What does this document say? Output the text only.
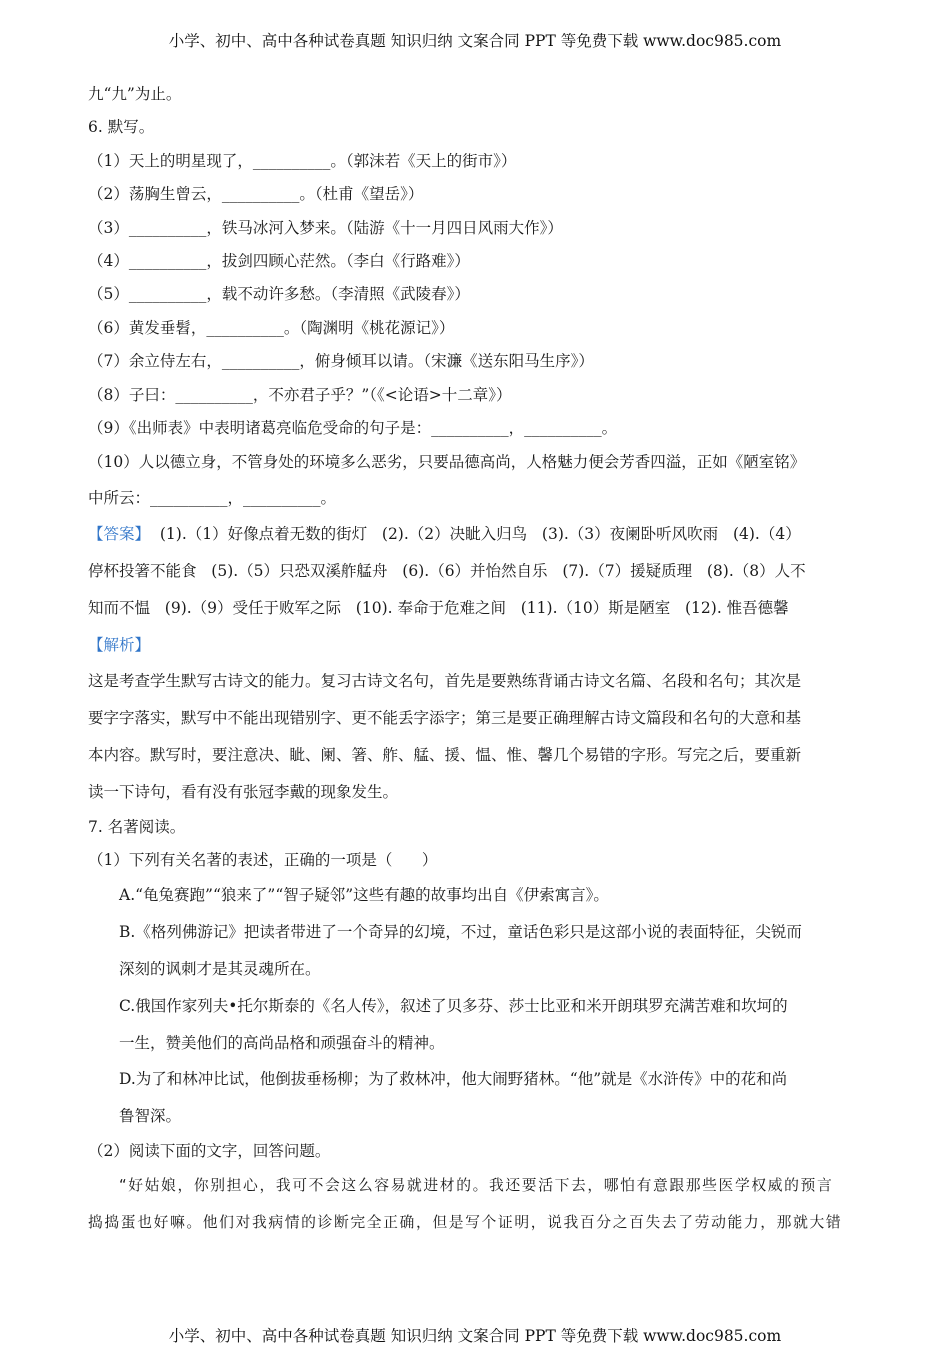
小学、初中、高中各种试卷真题 知识归纳 文案合同 PPT 等免费下载 www.doc985.com
九“九”为止。
6. 默写。
（1）天上的明星现了，__________。（郭沫若《天上的街市》）
（2）荡胸生曾云，__________。（杜甫《望岳》）
（3）__________，铁马冰河入梦来。（陆游《十一月四日风雨大作》）
（4）__________，拔剑四顾心茫然。（李白《行路难》）
（5）__________，载不动许多愁。（李清照《武陵春》）
（6）黄发垂髫，__________。（陶渊明《桃花源记》）
（7）余立侍左右，__________，俯身倾耳以请。（宋濂《送东阳马生序》）
（8）子曰：__________，不亦君子乎？”（《<论语>十二章》）
（9）《出师表》中表明诸葛亮临危受命的句子是：__________，__________。
（10）人以德立身，不管身处的环境多么恶劣，只要品德高尚，人格魅力便会芳香四溢，正如《陋室铭》
中所云：__________，__________。
【答案】  (1).（1）好像点着无数的街灯   (2).（2）决眦入归鸟   (3).（3）夜阑卧听风吹雨   (4).（4）
停杯投箸不能食   (5).（5）只恐双溪舴艋舟   (6).（6）并怡然自乐   (7).（7）援疑质理   (8).（8）人不
知而不愠   (9).（9）受任于败军之际   (10). 奉命于危难之间   (11).（10）斯是陋室   (12). 惟吾德馨
【解析】
这是考查学生默写古诗文的能力。复习古诗文名句，首先是要熟练背诵古诗文名篇、名段和名句；其次是
要字字落实，默写中不能出现错别字、更不能丢字添字；第三是要正确理解古诗文篇段和名句的大意和基
本内容。默写时，要注意决、眦、阑、箸、舴、艋、援、愠、惟、馨几个易错的字形。写完之后，要重新
读一下诗句，看有没有张冠李戴的现象发生。
7. 名著阅读。
（1）下列有关名著的表述，正确的一项是（      ）
A.“龟兔赛跑”“狼来了”“智子疑邻”这些有趣的故事均出自《伊索寓言》。
B.《格列佛游记》把读者带进了一个奇异的幻境，不过，童话色彩只是这部小说的表面特征，尖锐而
深刻的讽刺才是其灵魂所在。
C.俄国作家列夫•托尔斯泰的《名人传》，叙述了贝多芬、莎士比亚和米开朗琪罗充满苦难和坎坷的
一生，赞美他们的高尚品格和顽强奋斗的精神。
D.为了和林冲比试，他倒拔垂杨柳；为了救林冲，他大闹野猪林。“他”就是《水浒传》中的花和尚
鲁智深。
（2）阅读下面的文字，回答问题。
“好姑娘，你别担心，我可不会这么容易就进材的。我还要活下去，哪怕有意跟那些医学权威的预言
捣捣蛋也好嘛。他们对我病情的诊断完全正确，但是写个证明，说我百分之百失去了劳动能力，那就大错
小学、初中、高中各种试卷真题 知识归纳 文案合同 PPT 等免费下载 www.doc985.com
